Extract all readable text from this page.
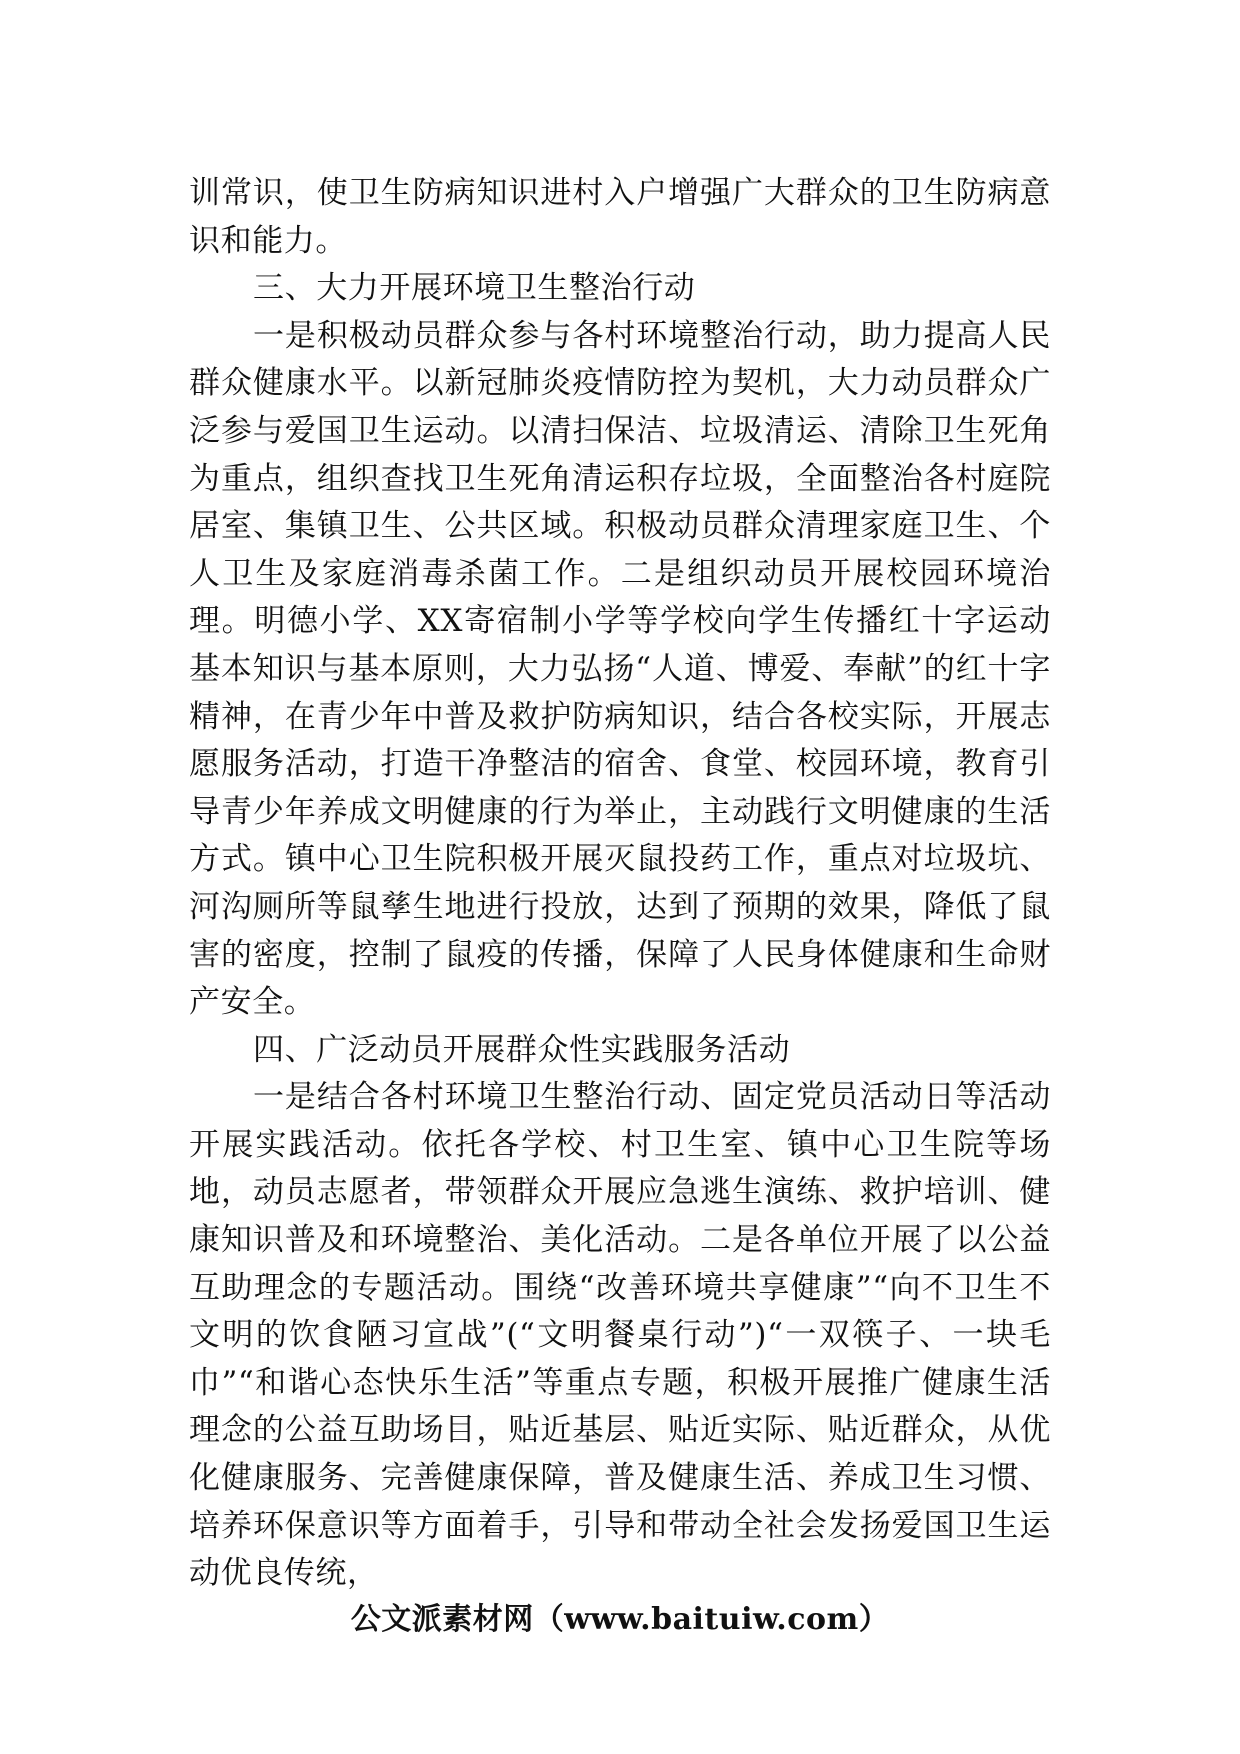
训常识，使卫生防病知识进村入户增强广大群众的卫生防病意识和能力。

三、大力开展环境卫生整治行动

一是积极动员群众参与各村环境整治行动，助力提高人民群众健康水平。以新冠肺炎疫情防控为契机，大力动员群众广泛参与爱国卫生运动。以清扫保洁、垃圾清运、清除卫生死角为重点，组织查找卫生死角清运积存垃圾，全面整治各村庭院居室、集镇卫生、公共区域。积极动员群众清理家庭卫生、个人卫生及家庭消毒杀菌工作。二是组织动员开展校园环境治理。明德小学、XX寄宿制小学等学校向学生传播红十字运动基本知识与基本原则，大力弘扬“人道、博爱、奉献”的红十字精神，在青少年中普及救护防病知识，结合各校实际，开展志愿服务活动，打造干净整洁的宿舍、食堂、校园环境，教育引导青少年养成文明健康的行为举止，主动践行文明健康的生活方式。镇中心卫生院积极开展灭鼠投药工作，重点对垃圾坑、河沟厕所等鼠孳生地进行投放，达到了预期的效果，降低了鼠害的密度，控制了鼠疫的传播，保障了人民身体健康和生命财产安全。

四、广泛动员开展群众性实践服务活动

一是结合各村环境卫生整治行动、固定党员活动日等活动开展实践活动。依托各学校、村卫生室、镇中心卫生院等场地，动员志愿者，带领群众开展应急逃生演练、救护培训、健康知识普及和环境整治、美化活动。二是各单位开展了以公益互助理念的专题活动。围绕“改善环境共享健康”“向不卫生不文明的饮食陋习宣战”(“文明餐桌行动”)“一双筷子、一块毛巾”“和谐心态快乐生活”等重点专题，积极开展推广健康生活理念的公益互助场目，贴近基层、贴近实际、贴近群众，从优化健康服务、完善健康保障，普及健康生活、养成卫生习惯、培养环保意识等方面着手，引导和带动全社会发扬爱国卫生运动优良传统，

公文派素材网（www.baituiw.com）
